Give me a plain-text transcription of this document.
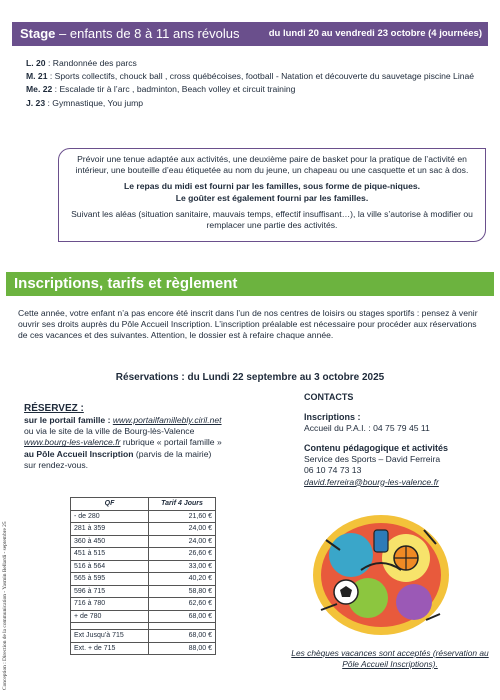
Stage – enfants de 8 à 11 ans révolus	du lundi 20 au vendredi 23 octobre (4 journées)
L. 20 : Randonnée des parcs
M. 21 : Sports collectifs, chouck ball , cross québécoises, football - Natation et découverte du sauvetage piscine Linaé
Me. 22 : Escalade tir à l’arc , badminton, Beach volley et circuit training
J. 23 : Gymnastique, You jump

Prévoir une tenue adaptée aux activités, une deuxième paire de basket pour la pratique de l’activité en intérieur, une bouteille d’eau étiquetée au nom du jeune, un chapeau ou une casquette et un sac à dos.

Le repas du midi est fourni par les familles, sous forme de pique-niques.
Le goûter est également fourni par les familles.

Suivant les aléas (situation sanitaire, mauvais temps, effectif insuffisant…), la ville s’autorise à modifier ou remplacer une partie des activités.

Inscriptions, tarifs et règlement
Cette année, votre enfant n’a pas encore été inscrit dans l’un de nos centres de loisirs ou stages sportifs : pensez à venir ouvrir ses droits auprès du Pôle Accueil Inscription. L’inscription préalable est nécessaire pour procéder aux réservations de ces vacances et des suivantes. Attention, le dossier est à refaire chaque année.
Réservations : du Lundi 22 septembre au 3 octobre 2025
RÉSERVEZ :
sur le portail famille : www.portailfamillebly.ciril.net
ou via le site de la ville de Bourg-lès-Valence
www.bourg-les-valence.fr rubrique « portail famille »
au Pôle Accueil Inscription (parvis de la mairie)
sur rendez-vous.
QF	Tarif 4 Jours
- de 280	21,60 €
281 à 359	24,00 €
360 à 450	24,00 €
451 à 515	26,60 €
516 à 564	33,00 €
565 à 595	40,20 €
596 à 715	58,80 €
716 à 780	62,60 €
+ de 780	68,00 €

Ext Jusqu’à 715	68,00 €
Ext. + de 715	88,00 €
CONTACTS
Inscriptions :
Accueil du P.A.I. : 04 75 79 45 11
Contenu pédagogique et activités
Service des Sports – David Ferreira
06 10 74 73 13
david.ferreira@bourg-les-valence.fr
Les chèques vacances sont acceptés (réservation au Pôle Accueil Inscriptions).
Conception : Direction de la communication - Yasmin Bellardi - septembre 25
